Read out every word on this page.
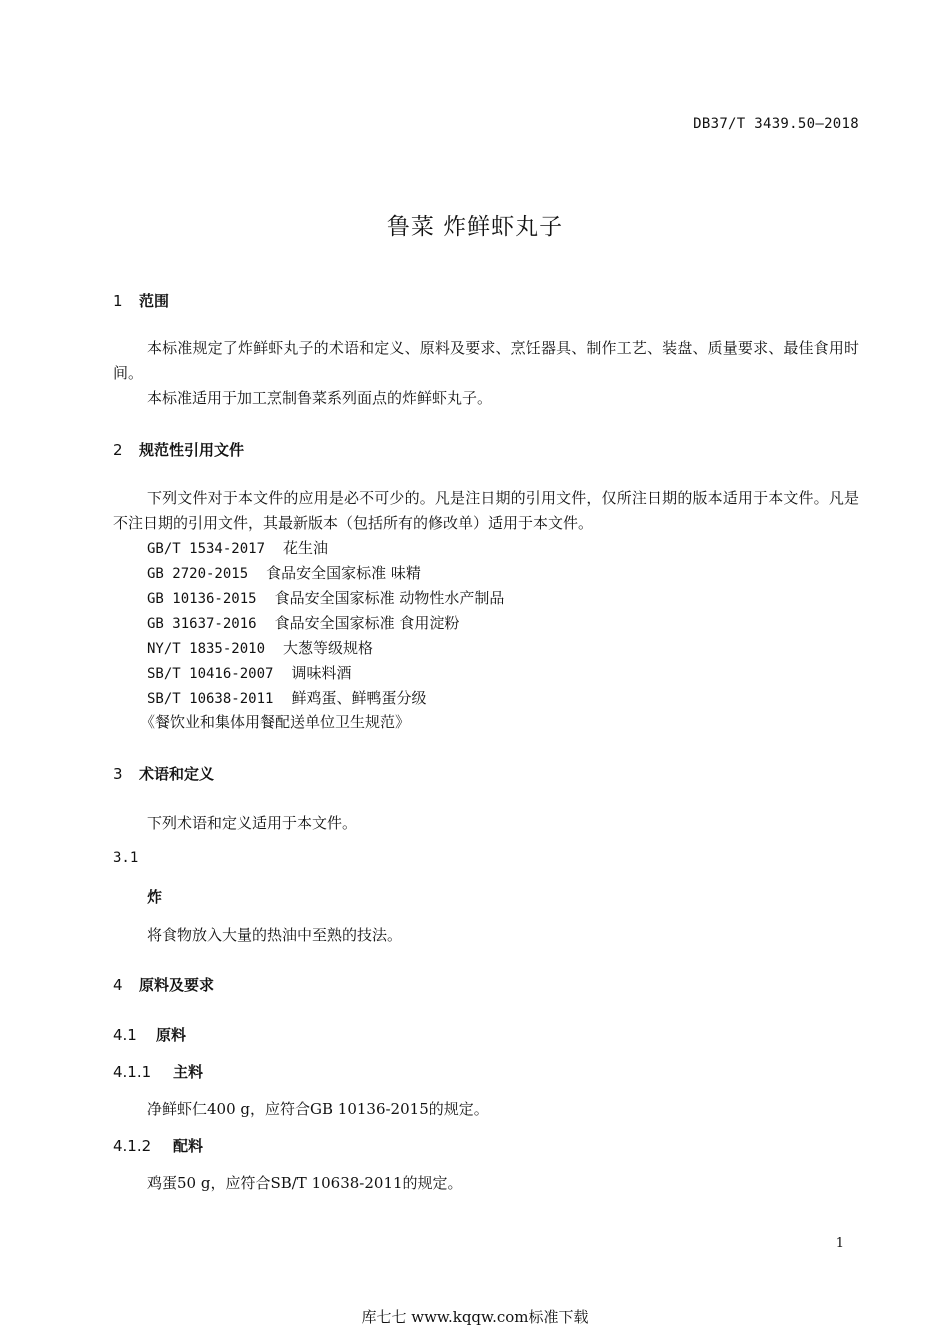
DB37/T 3439.50—2018
鲁菜 炸鲜虾丸子
1 范围
本标准规定了炸鲜虾丸子的术语和定义、原料及要求、烹饪器具、制作工艺、装盘、质量要求、最佳食用时间。
本标准适用于加工烹制鲁菜系列面点的炸鲜虾丸子。
2 规范性引用文件
下列文件对于本文件的应用是必不可少的。凡是注日期的引用文件，仅所注日期的版本适用于本文件。凡是不注日期的引用文件，其最新版本（包括所有的修改单）适用于本文件。
GB/T 1534-2017 花生油
GB 2720-2015 食品安全国家标准 味精
GB 10136-2015 食品安全国家标准 动物性水产制品
GB 31637-2016 食品安全国家标准 食用淀粉
NY/T 1835-2010 大葱等级规格
SB/T 10416-2007 调味料酒
SB/T 10638-2011 鲜鸡蛋、鲜鸭蛋分级
《餐饮业和集体用餐配送单位卫生规范》
3 术语和定义
下列术语和定义适用于本文件。
3.1
炸
将食物放入大量的热油中至熟的技法。
4 原料及要求
4.1 原料
4.1.1 主料
净鲜虾仁400 g，应符合GB 10136-2015的规定。
4.1.2 配料
鸡蛋50 g，应符合SB/T 10638-2011的规定。
1
库七七 www.kqqw.com标准下载
